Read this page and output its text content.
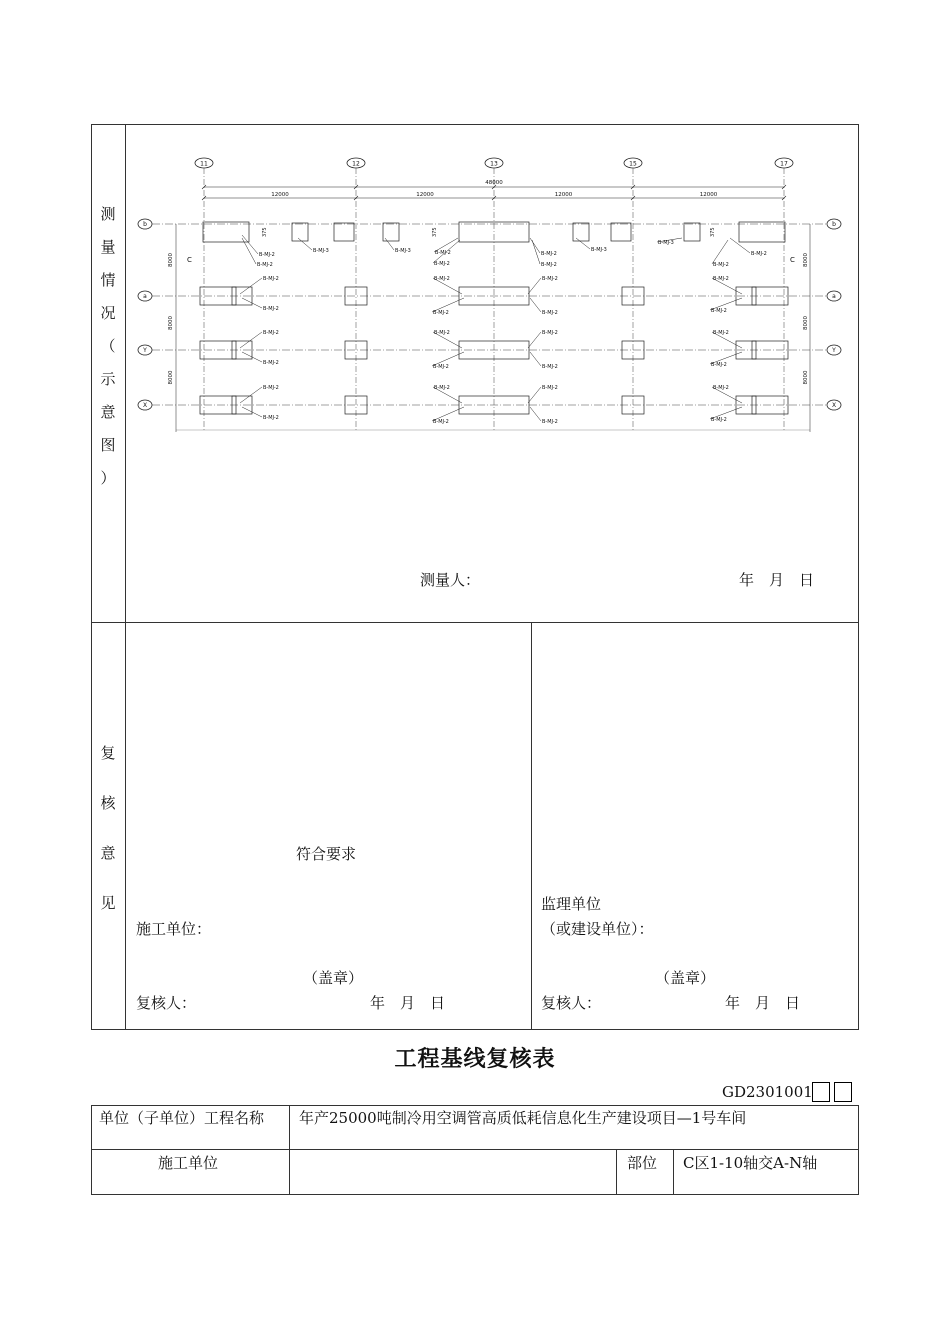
测
量
情
况
（
示
意
图
）
11	12	13	15	17
48000
12000	12000	12000	12000
b	b
a	a
Y	Y
X	X
8000	8000
8000	8000
8000	8000
C	C
B-MJ-2
B-MJ-2
B-MJ-3	B-MJ-3	B-MJ-2
B-MJ-2
B-MJ-2
B-MJ-2
B-MJ-3
B-MJ-2
B-MJ-2
B-MJ-3
B-MJ-2
B-MJ-2
B-MJ-2
B-MJ-2
B-MJ-2
B-MJ-2
B-MJ-2
B-MJ-2
B-MJ-2
B-MJ-2
B-MJ-2
B-MJ-2
B-MJ-2
B-MJ-2
B-MJ-2
B-MJ-2
B-MJ-2
B-MJ-2
B-MJ-2
B-MJ-2
B-MJ-2
B-MJ-2
B-MJ-2
B-MJ-2
375	375	375
测量人：	年　月　日
复
核
意
见
符合要求
施工单位：
（盖章）
复核人：	年　月　日
监理单位
（或建设单位）：
（盖章）
复核人：	年　月　日
工程基线复核表
GD2301001
单位（子单位）工程名称 年产25000吨制冷用空调管高质低耗信息化生产建设项目—1号车间
施工单位	部位 C区1-10轴交A-N轴
